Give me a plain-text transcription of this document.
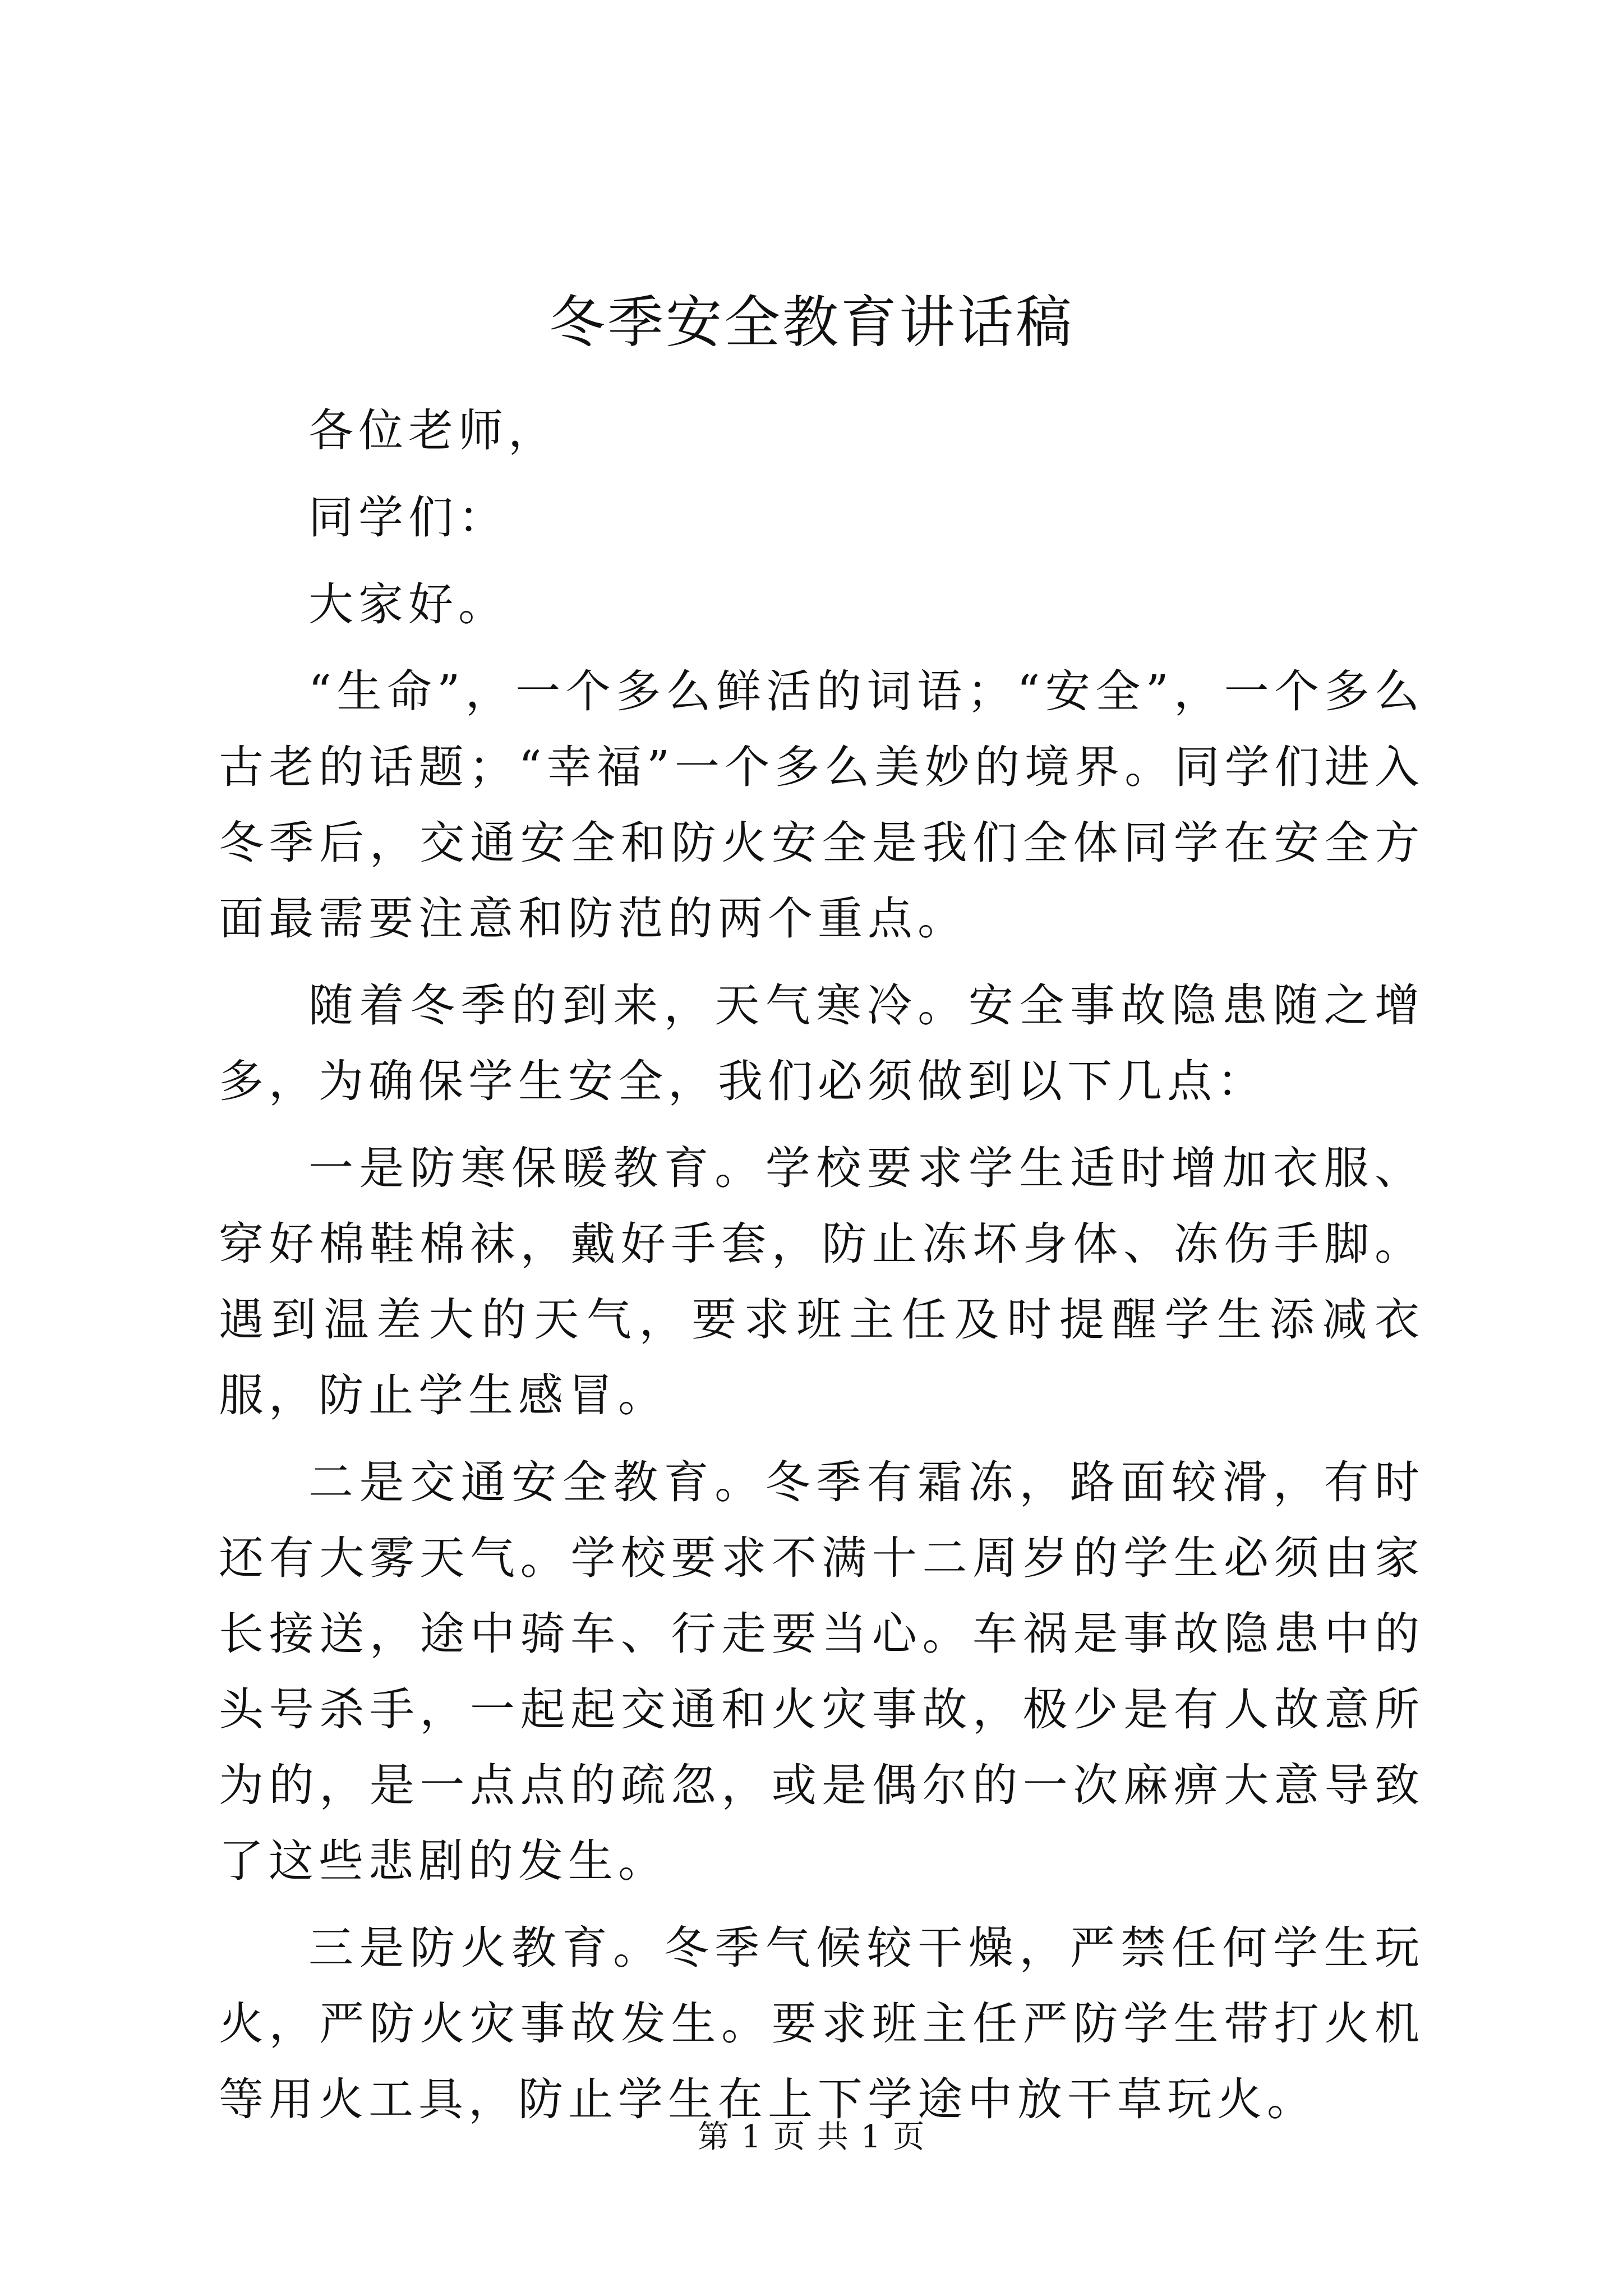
冬季安全教育讲话稿

各位老师，

同学们：

大家好。

“生命”，一个多么鲜活的词语；“安全”，一个多么古老的话题；“幸福”一个多么美妙的境界。同学们进入冬季后，交通安全和防火安全是我们全体同学在安全方面最需要注意和防范的两个重点。

随着冬季的到来，天气寒冷。安全事故隐患随之增多，为确保学生安全，我们必须做到以下几点：

一是防寒保暖教育。学校要求学生适时增加衣服、穿好棉鞋棉袜，戴好手套，防止冻坏身体、冻伤手脚。遇到温差大的天气，要求班主任及时提醒学生添减衣服，防止学生感冒。

二是交通安全教育。冬季有霜冻，路面较滑，有时还有大雾天气。学校要求不满十二周岁的学生必须由家长接送，途中骑车、行走要当心。车祸是事故隐患中的头号杀手，一起起交通和火灾事故，极少是有人故意所为的，是一点点的疏忽，或是偶尔的一次麻痹大意导致了这些悲剧的发生。

三是防火教育。冬季气候较干燥，严禁任何学生玩火，严防火灾事故发生。要求班主任严防学生带打火机等用火工具，防止学生在上下学途中放干草玩火。

第 1 页 共 1 页
